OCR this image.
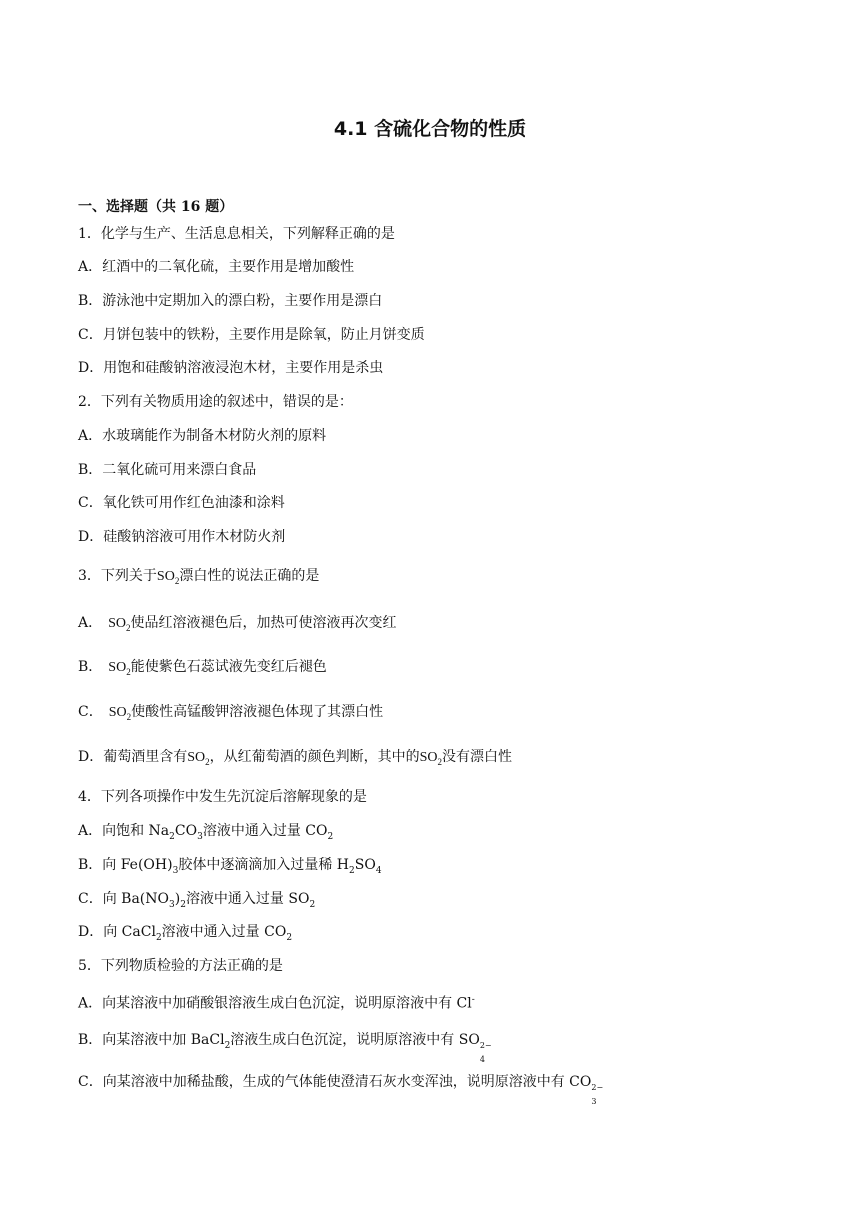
4.1 含硫化合物的性质
一、选择题（共 16 题）
1．化学与生产、生活息息相关，下列解释正确的是
A．红酒中的二氧化硫，主要作用是增加酸性
B．游泳池中定期加入的漂白粉，主要作用是漂白
C．月饼包装中的铁粉，主要作用是除氧，防止月饼变质
D．用饱和硅酸钠溶液浸泡木材，主要作用是杀虫
2．下列有关物质用途的叙述中，错误的是：
A．水玻璃能作为制备木材防火剂的原料
B．二氧化硫可用来漂白食品
C．氧化铁可用作红色油漆和涂料
D．硅酸钠溶液可用作木材防火剂
3．下列关于$SO_2$漂白性的说法正确的是
A． $SO_2$使品红溶液褪色后，加热可使溶液再次变红
B． $SO_2$能使紫色石蕊试液先变红后褪色
C． $SO_2$使酸性高锰酸钾溶液褪色体现了其漂白性
D．葡萄酒里含有$SO_2$，从红葡萄酒的颜色判断，其中的$SO_2$没有漂白性
4．下列各项操作中发生先沉淀后溶解现象的是
A．向饱和 $Na_2CO_3$溶液中通入过量 $CO_2$
B．向 $Fe(OH)_3$胶体中逐滴滴加入过量稀 $H_2SO_4$
C．向 $Ba(NO_3)_2$溶液中通入过量 $SO_2$
D．向 CaCl$_2$溶液中通入过量 $CO_2$
5．下列物质检验的方法正确的是
A．向某溶液中加硝酸银溶液生成白色沉淀，说明原溶液中有 Cl-
B．向某溶液中加 BaCl$_2$溶液生成白色沉淀，说明原溶液中有 SO 2−
4
C．向某溶液中加稀盐酸，生成的气体能使澄清石灰水变浑浊，说明原溶液中有 CO 2−
3
